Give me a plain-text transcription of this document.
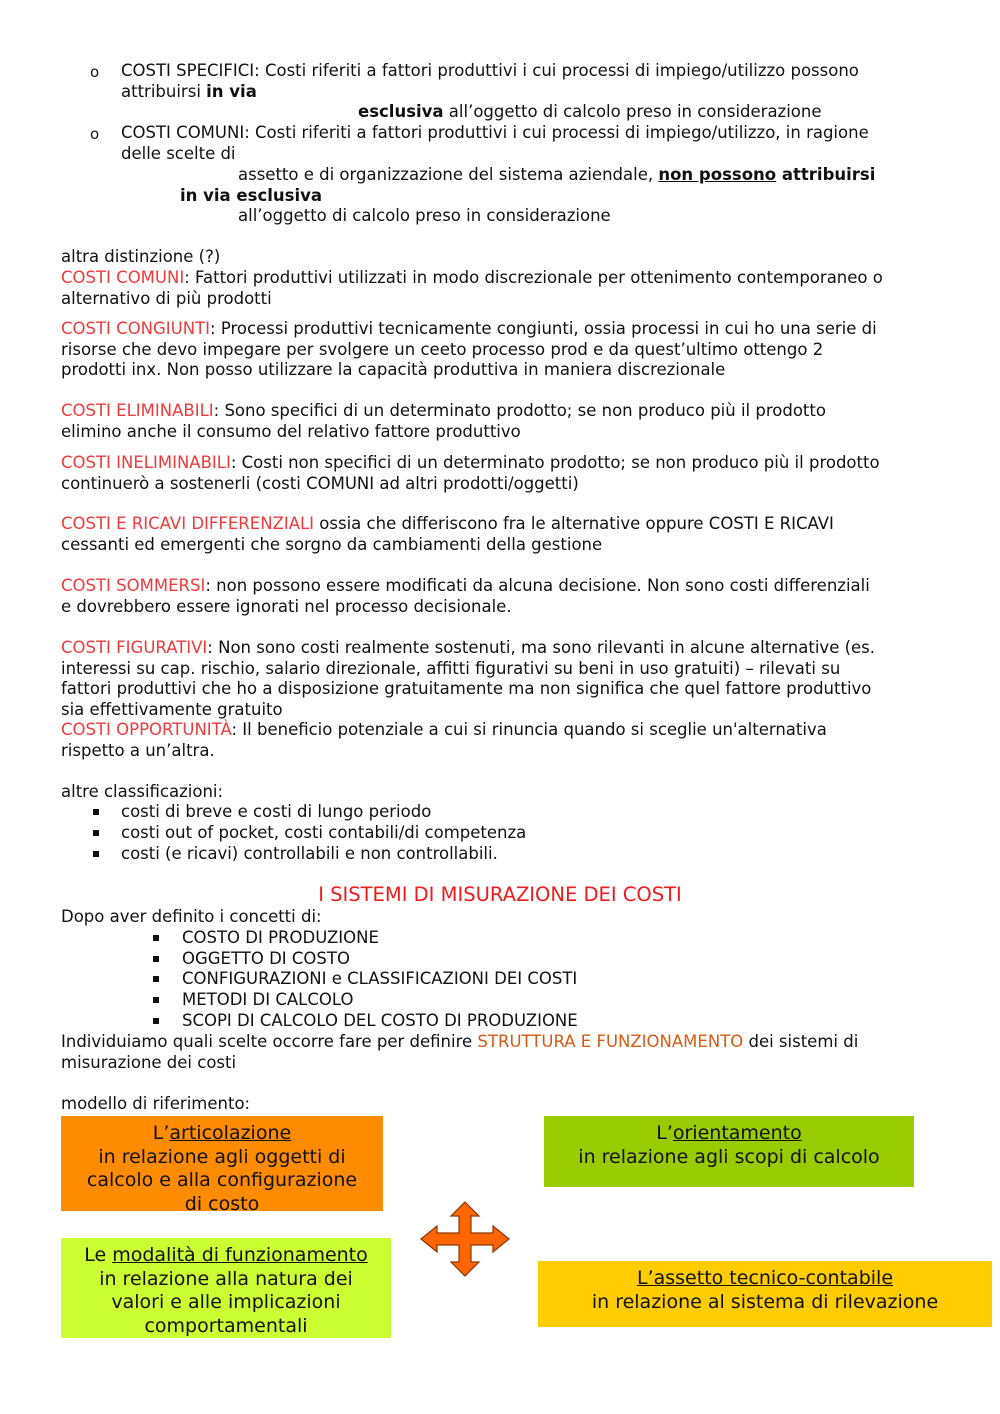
o COSTI SPECIFICI: Costi riferiti a fattori produttivi i cui processi di impiego/utilizzo possono
attribuirsi in via
esclusiva all’oggetto di calcolo preso in considerazione
o COSTI COMUNI: Costi riferiti a fattori produttivi i cui processi di impiego/utilizzo, in ragione
delle scelte di
assetto e di organizzazione del sistema aziendale, non possono attribuirsi
in via esclusiva
all’oggetto di calcolo preso in considerazione
altra distinzione (?)
COSTI COMUNI: Fattori produttivi utilizzati in modo discrezionale per ottenimento contemporaneo o
alternativo di più prodotti
COSTI CONGIUNTI: Processi produttivi tecnicamente congiunti, ossia processi in cui ho una serie di
risorse che devo impegare per svolgere un ceeto processo prod e da quest’ultimo ottengo 2
prodotti inx. Non posso utilizzare la capacità produttiva in maniera discrezionale
COSTI ELIMINABILI: Sono specifici di un determinato prodotto; se non produco più il prodotto
elimino anche il consumo del relativo fattore produttivo
COSTI INELIMINABILI: Costi non specifici di un determinato prodotto; se non produco più il prodotto
continuerò a sostenerli (costi COMUNI ad altri prodotti/oggetti)
COSTI E RICAVI DIFFERENZIALI ossia che differiscono fra le alternative oppure COSTI E RICAVI
cessanti ed emergenti che sorgno da cambiamenti della gestione
COSTI SOMMERSI: non possono essere modificati da alcuna decisione. Non sono costi differenziali
e dovrebbero essere ignorati nel processo decisionale.
COSTI FIGURATIVI: Non sono costi realmente sostenuti, ma sono rilevanti in alcune alternative (es.
interessi su cap. rischio, salario direzionale, affitti figurativi su beni in uso gratuiti) – rilevati su
fattori produttivi che ho a disposizione gratuitamente ma non significa che quel fattore produttivo
sia effettivamente gratuito
COSTI OPPORTUNITÀ: Il beneficio potenziale a cui si rinuncia quando si sceglie un'alternativa
rispetto a un’altra.
altre classificazioni:
costi di breve e costi di lungo periodo
costi out of pocket, costi contabili/di competenza
costi (e ricavi) controllabili e non controllabili.
I SISTEMI DI MISURAZIONE DEI COSTI
Dopo aver definito i concetti di:
COSTO DI PRODUZIONE
OGGETTO DI COSTO
CONFIGURAZIONI e CLASSIFICAZIONI DEI COSTI
METODI DI CALCOLO
SCOPI DI CALCOLO DEL COSTO DI PRODUZIONE
Individuiamo quali scelte occorre fare per definire STRUTTURA E FUNZIONAMENTO dei sistemi di
misurazione dei costi
modello di riferimento:
L’articolazione
in relazione agli oggetti di
calcolo e alla configurazione
di costo
L’orientamento
in relazione agli scopi di calcolo
Le modalità di funzionamento
in relazione alla natura dei
valori e alle implicazioni
comportamentali
L’assetto tecnico-contabile
in relazione al sistema di rilevazione
